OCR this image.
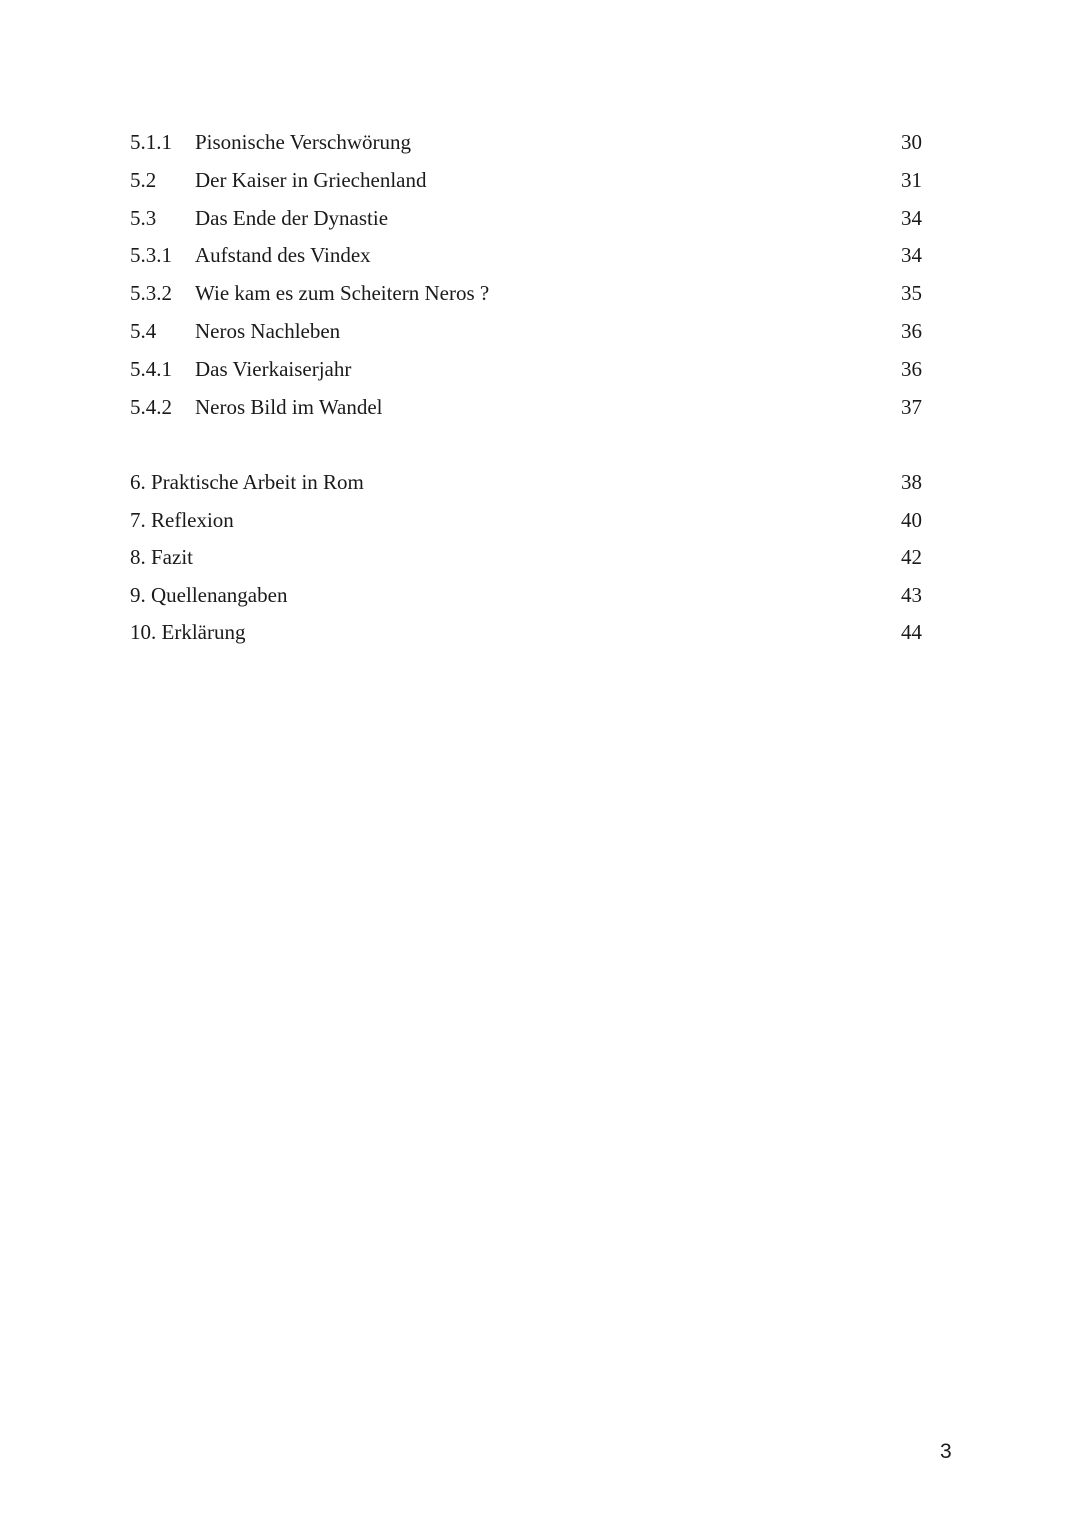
5.1.1 Pisonische Verschwörung	30
5.2 Der Kaiser in Griechenland	31
5.3 Das Ende der Dynastie	34
5.3.1 Aufstand des Vindex	34
5.3.2 Wie kam es zum Scheitern Neros ?	35
5.4 Neros Nachleben	36
5.4.1 Das Vierkaiserjahr	36
5.4.2 Neros Bild im Wandel	37
6. Praktische Arbeit in Rom	38
7. Reflexion	40
8. Fazit	42
9. Quellenangaben	43
10. Erklärung	44
3
